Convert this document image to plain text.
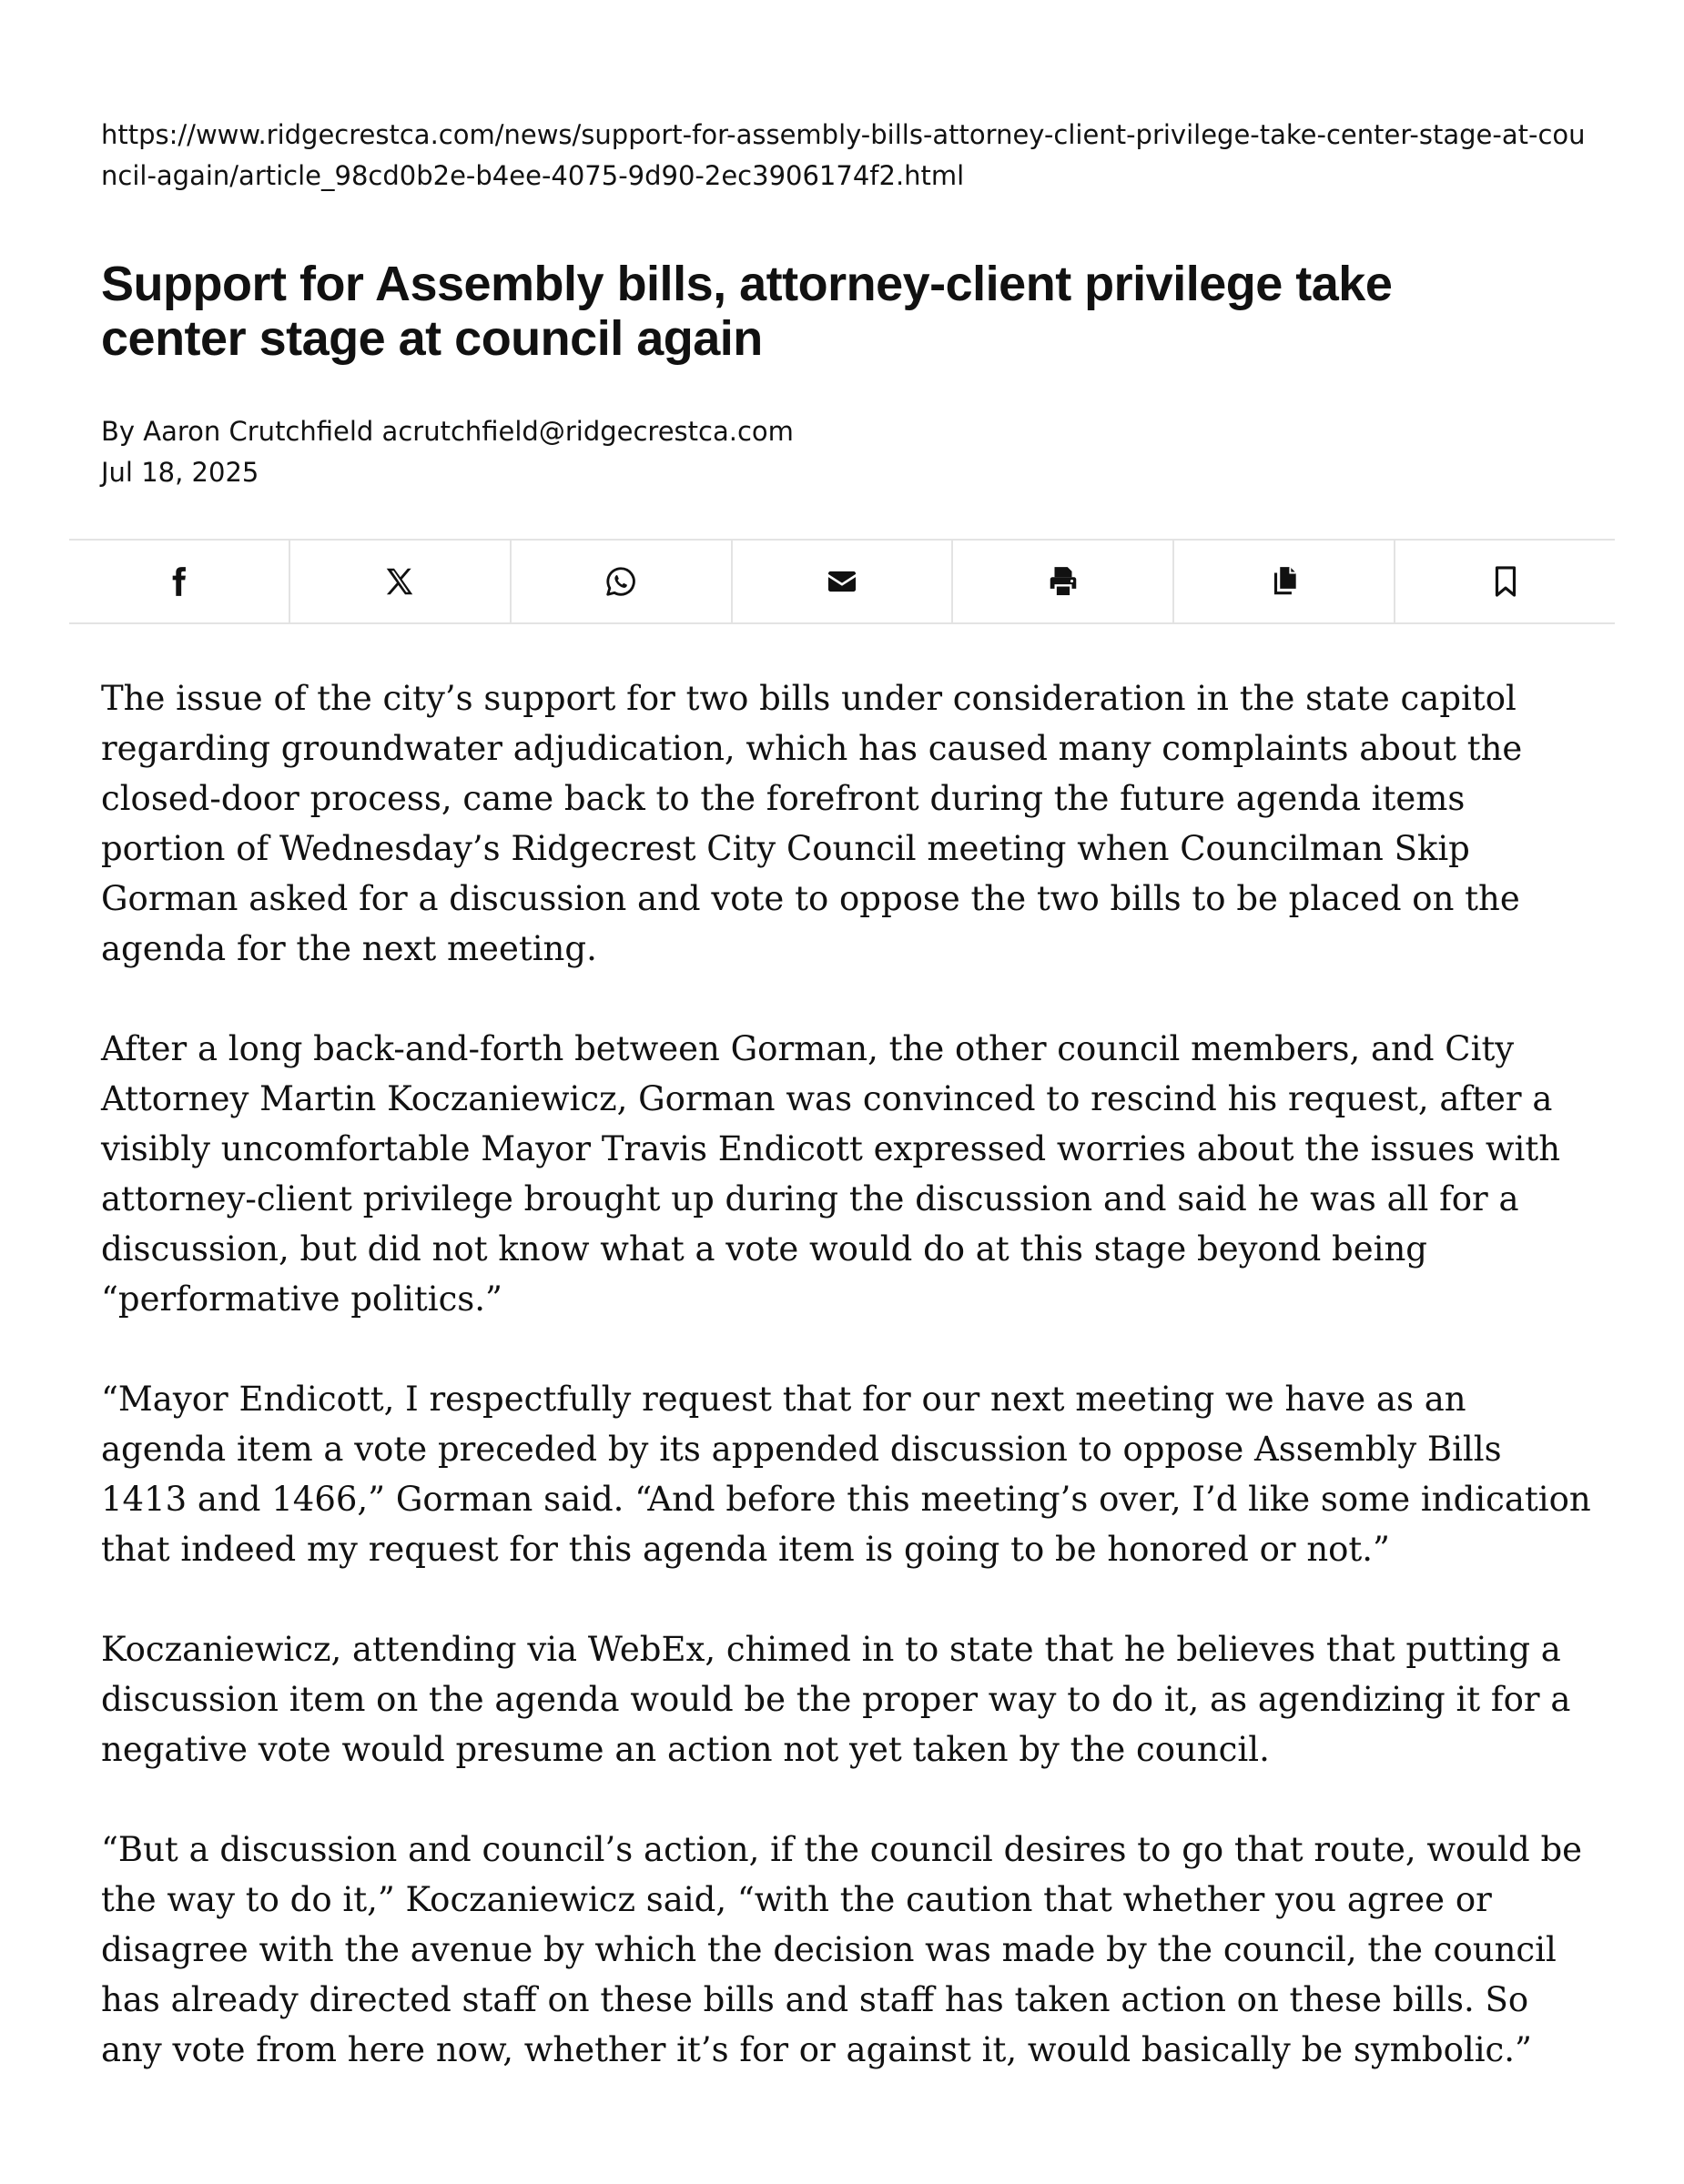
https://www.ridgecrestca.com/news/support-for-assembly-bills-attorney-client-privilege-take-center-stage-at-council-again/article_98cd0b2e-b4ee-4075-9d90-2ec3906174f2.html
Support for Assembly bills, attorney-client privilege take center stage at council again
By Aaron Crutchfield acrutchfield@ridgecrestca.com
Jul 18, 2025

The issue of the city’s support for two bills under consideration in the state capitol regarding groundwater adjudication, which has caused many complaints about the closed-door process, came back to the forefront during the future agenda items portion of Wednesday’s Ridgecrest City Council meeting when Councilman Skip Gorman asked for a discussion and vote to oppose the two bills to be placed on the agenda for the next meeting.

After a long back-and-forth between Gorman, the other council members, and City Attorney Martin Koczaniewicz, Gorman was convinced to rescind his request, after a visibly uncomfortable Mayor Travis Endicott expressed worries about the issues with attorney-client privilege brought up during the discussion and said he was all for a discussion, but did not know what a vote would do at this stage beyond being “performative politics.”

“Mayor Endicott, I respectfully request that for our next meeting we have as an agenda item a vote preceded by its appended discussion to oppose Assembly Bills 1413 and 1466,” Gorman said. “And before this meeting’s over, I’d like some indication that indeed my request for this agenda item is going to be honored or not.”

Koczaniewicz, attending via WebEx, chimed in to state that he believes that putting a discussion item on the agenda would be the proper way to do it, as agendizing it for a negative vote would presume an action not yet taken by the council.

“But a discussion and council’s action, if the council desires to go that route, would be the way to do it,” Koczaniewicz said, “with the caution that whether you agree or disagree with the avenue by which the decision was made by the council, the council has already directed staff on these bills and staff has taken action on these bills. So any vote from here now, whether it’s for or against it, would basically be symbolic.”
